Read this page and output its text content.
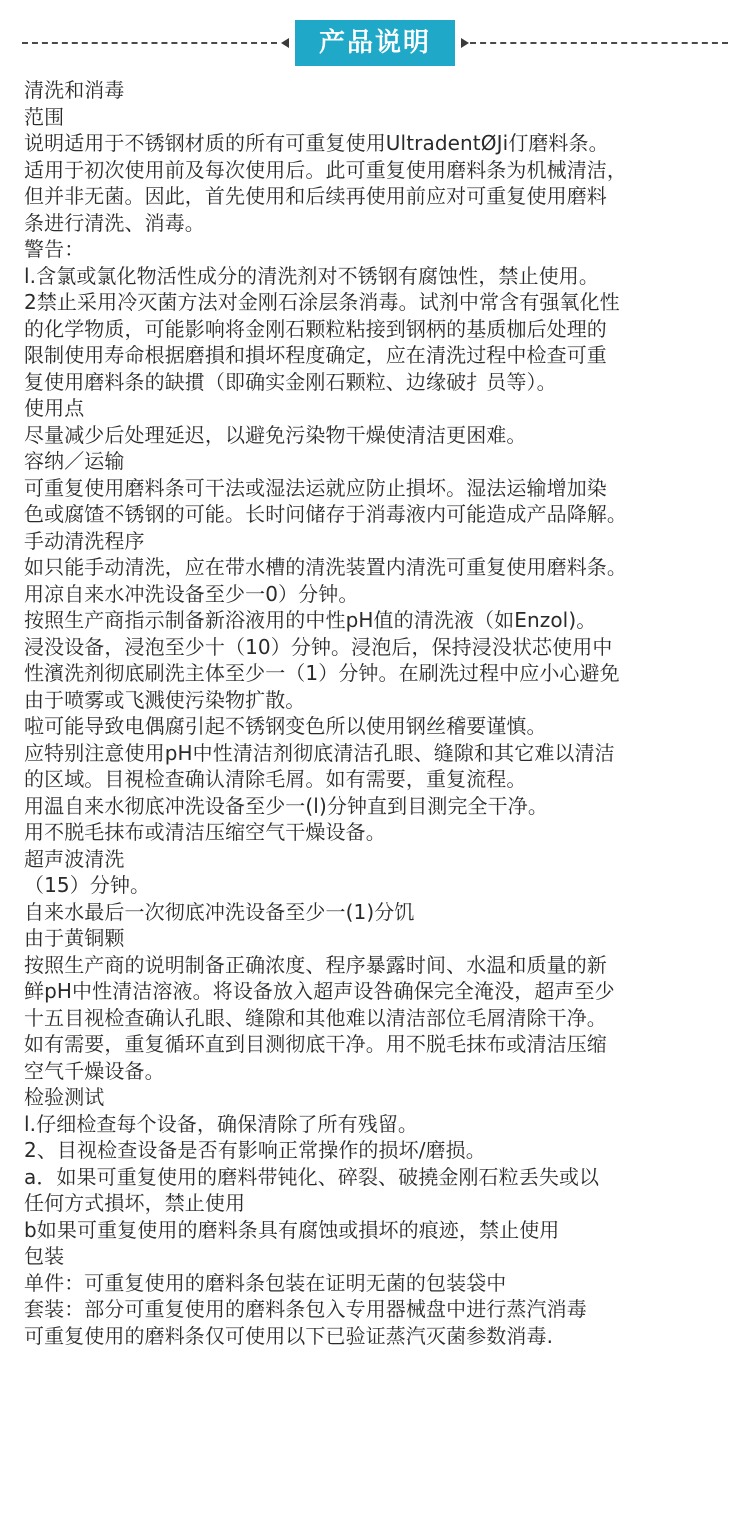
产品说明
清洗和消毒
范围
说明适用于不锈钢材质的所有可重复使用UltradentØJi仃磨料条。
适用于初次使用前及每次使用后。此可重复使用磨料条为机械清洁，
但并非无菌。因此，首先使用和后续再使用前应对可重复使用磨料
条进行清洗、消毒。
警告：
l.含氯或氯化物活性成分的清洗剂对不锈钢有腐蚀性，禁止使用。
2禁止采用冷灭菌方法对金刚石涂层条消毒。试剂中常含有强氧化性
的化学物质，可能影响将金刚石颗粒粘接到钢柄的基质枷后处理的
限制使用寿命根据磨損和損坏程度确定，应在清洗过程中检查可重
复使用磨料条的缺摜（即确实金刚石颗粒、边缘破扌员等）。
使用点
尽量减少后处理延迟，以避免污染物干燥使清洁更困难。
容纳／运输
可重复使用磨料条可干法或湿法运就应防止損坏。湿法运输增加染
色或腐馇不锈钢的可能。长时问储存于消毒液内可能造成产品降解。
手动清洗程序
如只能手动清洗，应在带水槽的清洗装置内清洗可重复使用磨料条。
用凉自来水冲洗设备至少一0）分钟。
按照生产商指示制备新浴液用的中性pH值的清洗液（如Enzol)。
浸没设备，浸泡至少十（10）分钟。浸泡后，保持浸没状芯使用中
性濱洗剂彻底刷洗主体至少一（1）分钟。在刷洗过程中应小心避免
由于喷雾或飞溅使污染物扩散。
啦可能导致电偶腐引起不锈钢变色所以使用钢丝稽要谨慎。
应特别注意使用pH中性清洁剂彻底清洁孔眼、缝隙和其它难以清洁
的区域。目視检查确认清除毛屑。如有需要，重复流程。
用温自来水彻底冲洗设备至少一(l)分钟直到目測完全干净。
用不脱毛抹布或清洁压缩空气干燥设备。
超声波清洗
（15）分钟。
自来水最后一次彻底冲洗设备至少一(1)分饥
由于黄铜颗
按照生产商的说明制备正确浓度、程序暴露时间、水温和质量的新
鲜pH中性清洁溶液。将设备放入超声设咎确保完全淹没，超声至少
十五目视检查确认孔眼、缝隙和其他难以清洁部位毛屑清除干净。
如有需要，重复循环直到目测彻底干净。用不脱毛抹布或清洁压缩
空气千燥设备。
检验测试
l.仔细检查每个设备，确保清除了所有残留。
2、目视检查设备是否有影响正常操作的损坏/磨损。
a．如果可重复使用的磨料带钝化、碎裂、破撓金刚石粒丢失或以
任何方式損坏，禁止使用
b如果可重复使用的磨料条具有腐蚀或損坏的痕迹，禁止使用
包装
单件：可重复使用的磨料条包装在证明无菌的包装袋中
套装：部分可重复使用的磨料条包入专用器械盘中进行蒸汽消毒
可重复使用的磨料条仅可使用以下已验证蒸汽灭菌参数消毒.
